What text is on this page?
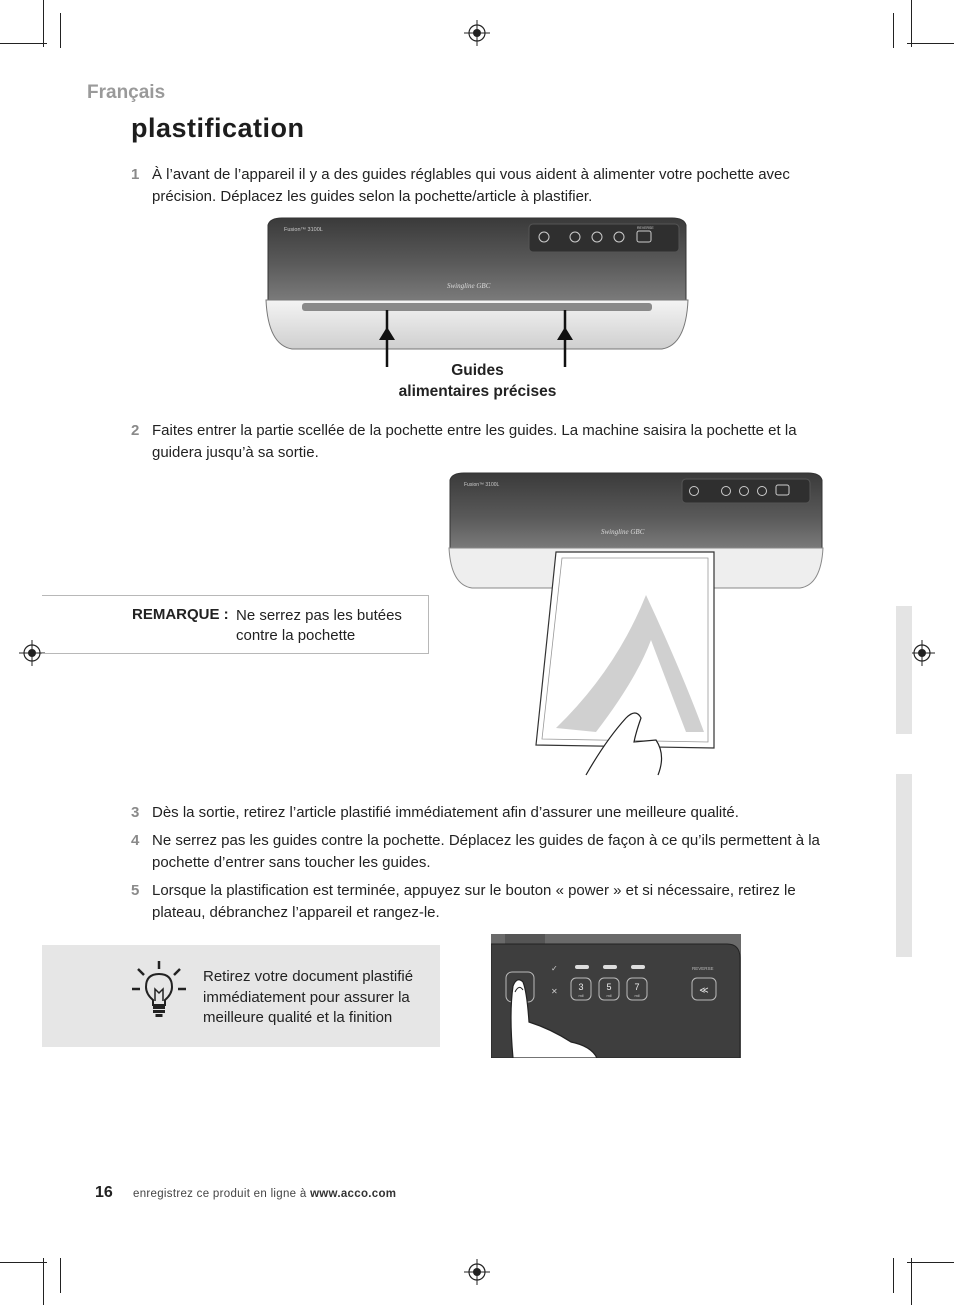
Français
plastification
1 À l’avant de l’appareil il y a des guides réglables qui vous aident à alimenter votre pochette avec précision. Déplacez les guides selon la pochette/article à plastifier.
Fusion™ 3100L
Swingline GBC
REVERSE
Guides
alimentaires précises
2 Faites entrer la partie scellée de la pochette entre les guides. La machine saisira la pochette et la guidera jusqu’à sa sortie.
Fusion™ 3100L
Swingline GBC
REMARQUE : Ne serrez pas les butées contre la pochette
3 Dès la sortie, retirez l’article plastifié immédiatement afin d’assurer une meilleure qualité.
4 Ne serrez pas les guides contre la pochette. Déplacez les guides de façon à ce qu’ils permettent à la pochette d’entrer sans toucher les guides.
5 Lorsque la plastification est terminée, appuyez sur le bouton « power » et si nécessaire, retirez le plateau, débranchez l’appareil et rangez-le.
Retirez votre document plastifié immédiatement pour assurer la meilleure qualité et la finition
✓
✕ 3
mil
5
mil
7
mil
REVERSE
≪
16 enregistrez ce produit en ligne à www.acco.com
